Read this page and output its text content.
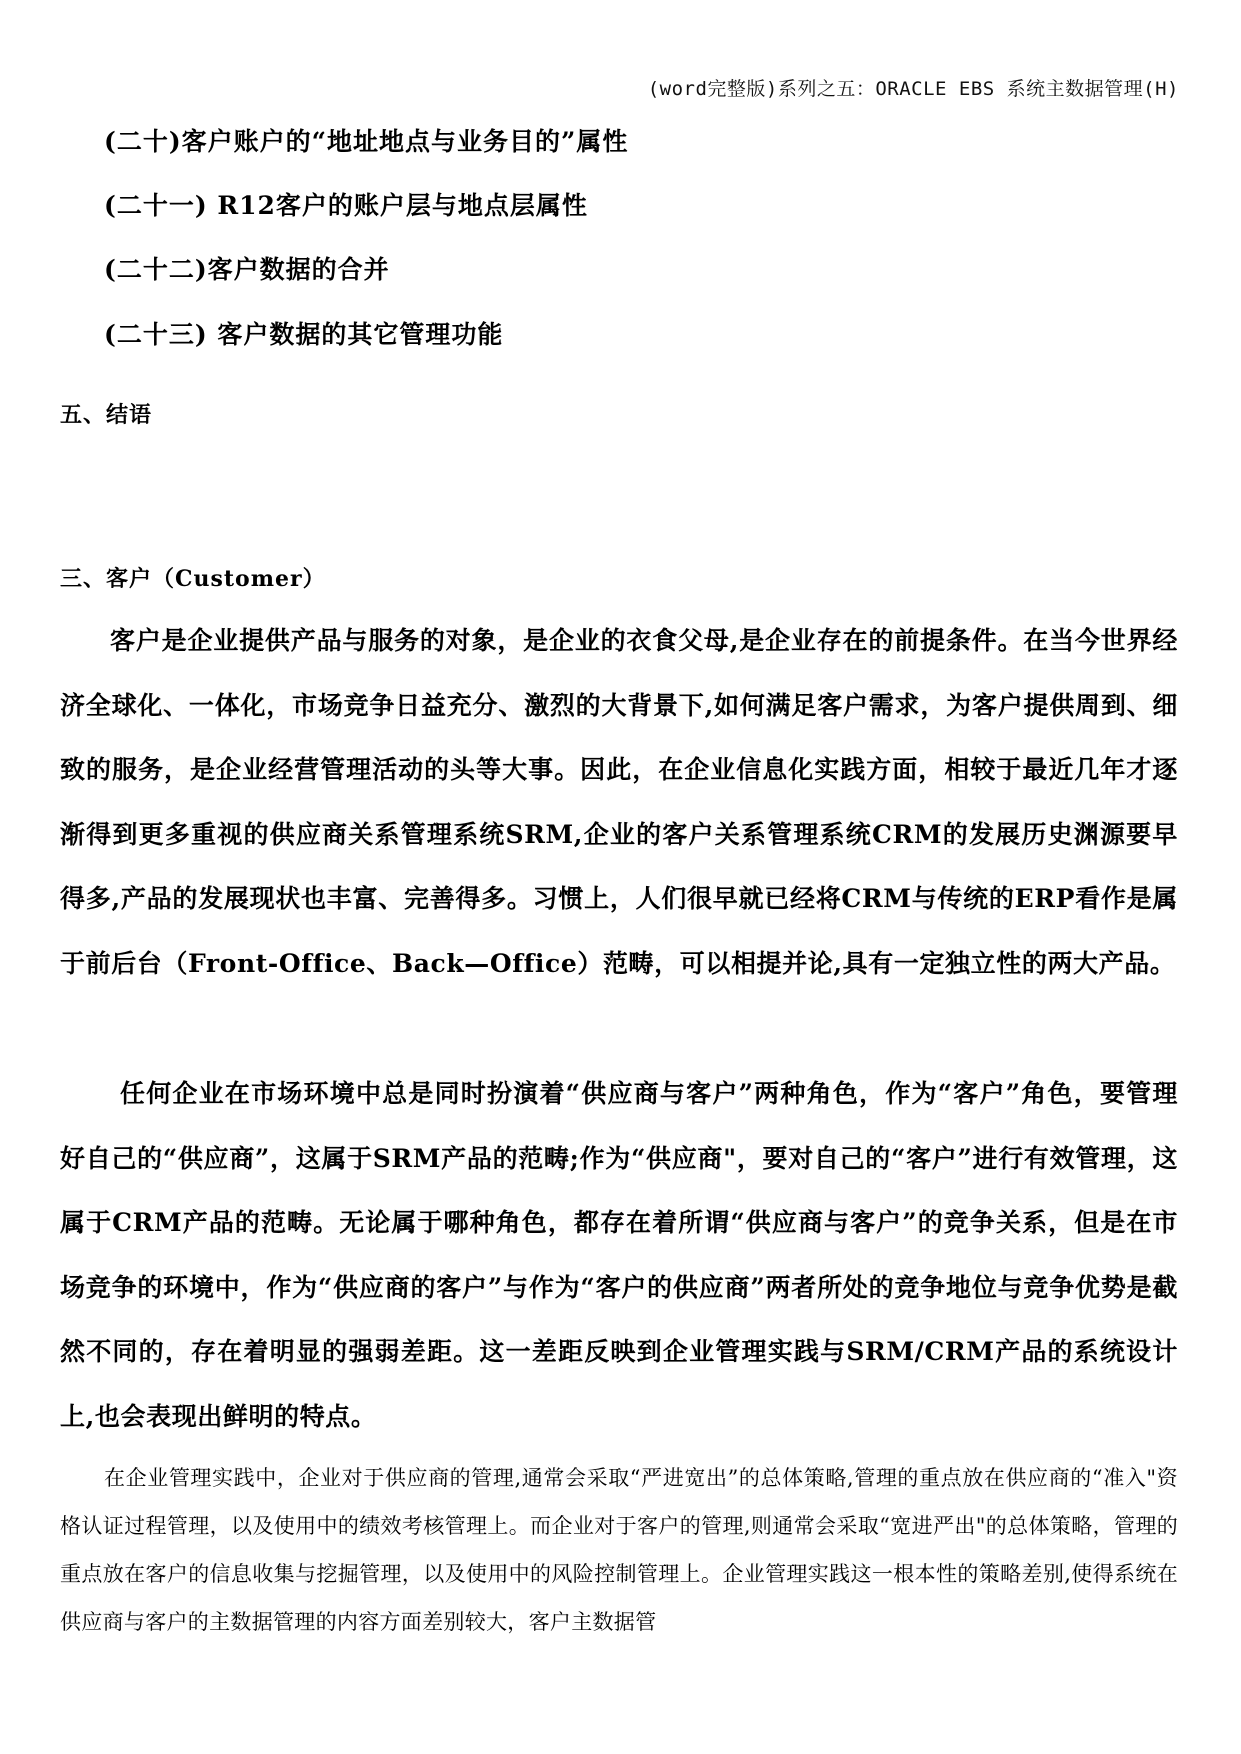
(word完整版)系列之五：ORACLE EBS 系统主数据管理(H)
(二十)客户账户的“地址地点与业务目的”属性
(二十一) R12客户的账户层与地点层属性
(二十二)客户数据的合并
(二十三) 客户数据的其它管理功能
五、结语
三、客户（Customer）

客户是企业提供产品与服务的对象，是企业的衣食父母,是企业存在的前提条件。在当今世界经济全球化、一体化，市场竞争日益充分、激烈的大背景下,如何满足客户需求，为客户提供周到、细致的服务，是企业经营管理活动的头等大事。因此，在企业信息化实践方面，相较于最近几年才逐渐得到更多重视的供应商关系管理系统SRM,企业的客户关系管理系统CRM的发展历史渊源要早得多,产品的发展现状也丰富、完善得多。习惯上，人们很早就已经将CRM与传统的ERP看作是属于前后台（Front-Office、Back—Office）范畴，可以相提并论,具有一定独立性的两大产品。

任何企业在市场环境中总是同时扮演着“供应商与客户”两种角色，作为“客户”角色，要管理好自己的“供应商”，这属于SRM产品的范畴;作为“供应商"，要对自己的“客户”进行有效管理，这属于CRM产品的范畴。无论属于哪种角色，都存在着所谓“供应商与客户”的竞争关系，但是在市场竞争的环境中，作为“供应商的客户”与作为“客户的供应商”两者所处的竞争地位与竞争优势是截然不同的，存在着明显的强弱差距。这一差距反映到企业管理实践与SRM/CRM产品的系统设计上,也会表现出鲜明的特点。

在企业管理实践中，企业对于供应商的管理,通常会采取“严进宽出”的总体策略,管理的重点放在供应商的“准入"资格认证过程管理，以及使用中的绩效考核管理上。而企业对于客户的管理,则通常会采取“宽进严出"的总体策略，管理的重点放在客户的信息收集与挖掘管理，以及使用中的风险控制管理上。企业管理实践这一根本性的策略差别,使得系统在供应商与客户的主数据管理的内容方面差别较大，客户主数据管
